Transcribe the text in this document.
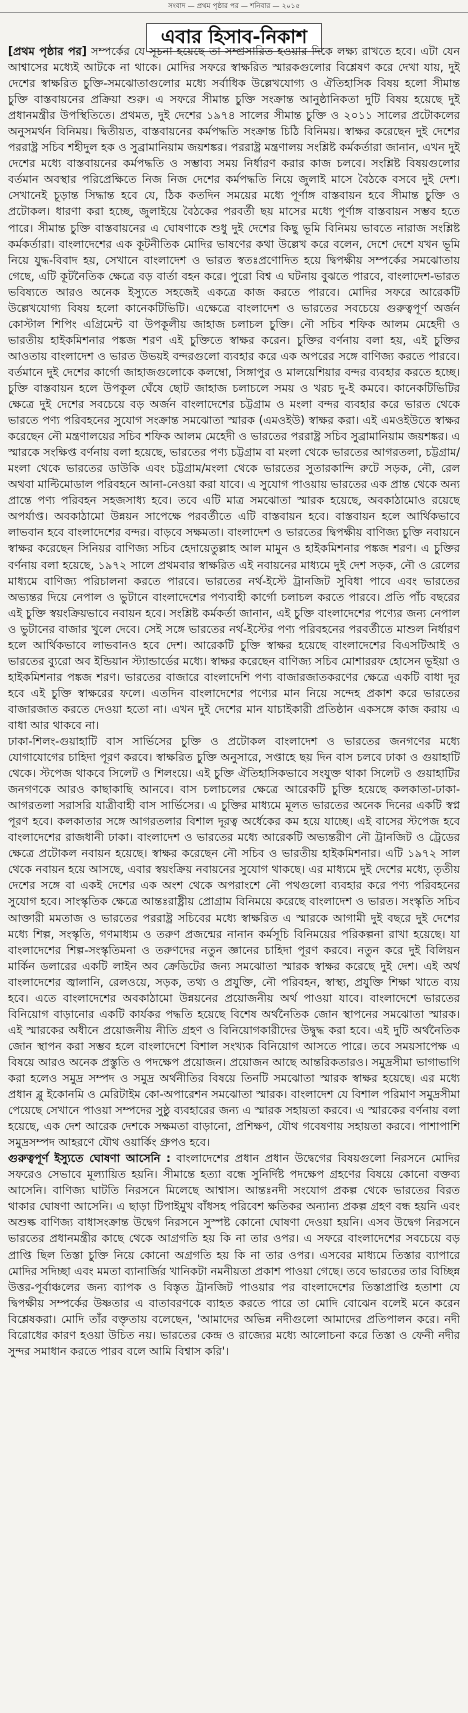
সংবাদ — প্রথম পৃষ্ঠার পর — শনিবার — ২০১৫
এবার হিসাব-নিকাশ

[প্রথম পৃষ্ঠার পর] সম্পর্কের যে সূচনা হয়েছে তা সম্প্রসারিত হওয়ার দিকে লক্ষ্য রাখতে হবে। এটা যেন আশ্বাসের মধ্যেই আটকে না থাকে। মোদির সফরে স্বাক্ষরিত স্মারকগুলোর বিশ্লেষণ করে দেখা যায়, দুই দেশের স্বাক্ষরিত চুক্তি-সমঝোতাগুলোর মধ্যে সর্বাধিক উল্লেখযোগ্য ও ঐতিহাসিক বিষয় হলো সীমান্ত চুক্তি বাস্তবায়নের প্রক্রিয়া শুরু। এ সফরে সীমান্ত চুক্তি সংক্রান্ত আনুষ্ঠানিকতা দুটি বিষয় হয়েছে দুই প্রধানমন্ত্রীর উপস্থিতিতে। প্রথমত, দুই দেশের ১৯৭৪ সালের সীমান্ত চুক্তি ও ২০১১ সালের প্রটোকলের অনুসমর্থন বিনিময়। দ্বিতীয়ত, বাস্তবায়নের কর্মপদ্ধতি সংক্রান্ত চিঠি বিনিময়। স্বাক্ষর করেছেন দুই দেশের পররাষ্ট্র সচিব শহীদুল হক ও সুব্রামানিয়াম জয়শঙ্কর। পররাষ্ট্র মন্ত্রণালয় সংশ্লিষ্ট কর্মকর্তারা জানান, এখন দুই দেশের মধ্যে বাস্তবায়নের কর্মপদ্ধতি ও সম্ভাব্য সময় নির্ধারণ করার কাজ চলবে। সংশ্লিষ্ট বিষয়গুলোর বর্তমান অবস্থার পরিপ্রেক্ষিতে নিজ নিজ দেশের কর্মপদ্ধতি নিয়ে জুলাই মাসে বৈঠকে বসবে দুই দেশ। সেখানেই চূড়ান্ত সিদ্ধান্ত হবে যে, ঠিক কতদিন সময়ের মধ্যে পূর্ণাঙ্গ বাস্তবায়ন হবে সীমান্ত চুক্তি ও প্রটোকল। ধারণা করা হচ্ছে, জুলাইয়ে বৈঠকের পরবর্তী ছয় মাসের মধ্যে পূর্ণাঙ্গ বাস্তবায়ন সম্ভব হতে পারে। সীমান্ত চুক্তি বাস্তবায়নের এ ঘোষণাকে শুধু দুই দেশের কিছু ভূমি বিনিময় ভাবতে নারাজ সংশ্লিষ্ট কর্মকর্তারা। বাংলাদেশের এক কূটনীতিক মোদির ভাষণের কথা উল্লেখ করে বলেন, দেশে দেশে যখন ভূমি নিয়ে যুদ্ধ-বিবাদ হয়, সেখানে বাংলাদেশ ও ভারত স্বতঃপ্রণোদিত হয়ে দ্বিপক্ষীয় সম্পর্কের সমঝোতায় গেছে, এটি কূটনৈতিক ক্ষেত্রে বড় বার্তা বহন করে। পুরো বিশ্ব এ ঘটনায় বুঝতে পারবে, বাংলাদেশ-ভারত ভবিষ্যতে আরও অনেক ইস্যুতে সহজেই একত্রে কাজ করতে পারবে। মোদির সফরে আরেকটি উল্লেখযোগ্য বিষয় হলো কানেকটিভিটি। এক্ষেত্রে বাংলাদেশ ও ভারতের সবচেয়ে গুরুত্বপূর্ণ অর্জন কোস্টাল শিপিং এগ্রিমেন্ট বা উপকূলীয় জাহাজ চলাচল চুক্তি। নৌ সচিব শফিক আলম মেহেদী ও ভারতীয় হাইকমিশনার পঙ্কজ শরণ এই চুক্তিতে স্বাক্ষর করেন। চুক্তির বর্ণনায় বলা হয়, এই চুক্তির আওতায় বাংলাদেশ ও ভারত উভয়ই বন্দরগুলো ব্যবহার করে এক অপরের সঙ্গে বাণিজ্য করতে পারবে। বর্তমানে দুই দেশের কার্গো জাহাজগুলোকে কলম্বো, সিঙ্গাপুর ও মালয়েশিয়ার বন্দর ব্যবহার করতে হচ্ছে। চুক্তি বাস্তবায়ন হলে উপকূল ঘেঁষে ছোট জাহাজ চলাচলে সময় ও খরচ দু-ই কমবে। কানেকটিভিটির ক্ষেত্রে দুই দেশের সবচেয়ে বড় অর্জন বাংলাদেশের চট্টগ্রাম ও মংলা বন্দর ব্যবহার করে ভারত থেকে ভারতে পণ্য পরিবহনের সুযোগ সংক্রান্ত সমঝোতা স্মারক (এমওইউ) স্বাক্ষর করা। এই এমওইউতে স্বাক্ষর করেছেন নৌ মন্ত্রণালয়ের সচিব শফিক আলম মেহেদী ও ভারতের পররাষ্ট্র সচিব সুব্রামানিয়াম জয়শঙ্কর। এ স্মারকে সংক্ষিপ্ত বর্ণনায় বলা হয়েছে, ভারতের পণ্য চট্টগ্রাম বা মংলা থেকে ভারতের আগরতলা, চট্টগ্রাম/মংলা থেকে ভারতের ডাউকি এবং চট্টগ্রাম/মংলা থেকে ভারতের সুতারকান্দি রুটে সড়ক, নৌ, রেল অথবা মাল্টিমোডাল পরিবহনে আনা-নেওয়া করা যাবে। এ সুযোগ পাওয়ায় ভারতের এক প্রান্ত থেকে অন্য প্রান্তে পণ্য পরিবহন সহজসাধ্য হবে। তবে এটি মাত্র সমঝোতা স্মারক হয়েছে, অবকাঠামোও রয়েছে অপর্যাপ্ত। অবকাঠামো উন্নয়ন সাপেক্ষে পরবর্তীতে এটি বাস্তবায়ন হবে। বাস্তবায়ন হলে আর্থিকভাবে লাভবান হবে বাংলাদেশের বন্দর। বাড়বে সক্ষমতা। বাংলাদেশ ও ভারতের দ্বিপক্ষীয় বাণিজ্য চুক্তি নবায়নে স্বাক্ষর করেছেন সিনিয়র বাণিজ্য সচিব হেদায়েতুল্লাহ আল মামুন ও হাইকমিশনার পঙ্কজ শরণ। এ চুক্তির বর্ণনায় বলা হয়েছে, ১৯৭২ সালে প্রথমবার স্বাক্ষরিত এই নবায়নের মাধ্যমে দুই দেশ সড়ক, নৌ ও রেলের মাধ্যমে বাণিজ্য পরিচালনা করতে পারবে। ভারতের নর্থ-ইস্টে ট্রানজিট সুবিধা পাবে এবং ভারতের অভ্যন্তর দিয়ে নেপাল ও ভুটানে বাংলাদেশের পণ্যবাহী কার্গো চলাচল করতে পারবে। প্রতি পাঁচ বছরের এই চুক্তি স্বয়ংক্রিয়ভাবে নবায়ন হবে। সংশ্লিষ্ট কর্মকর্তা জানান, এই চুক্তি বাংলাদেশের পণ্যের জন্য নেপাল ও ভুটানের বাজার খুলে দেবে। সেই সঙ্গে ভারতের নর্থ-ইস্টের পণ্য পরিবহনের পরবর্তীতে মাশুল নির্ধারণ হলে আর্থিকভাবে লাভবানও হবে দেশ। আরেকটি চুক্তি স্বাক্ষর হয়েছে বাংলাদেশের বিএসটিআই ও ভারতের ব্যুরো অব ইন্ডিয়ান স্ট্যান্ডার্ডের মধ্যে। স্বাক্ষর করেছেন বাণিজ্য সচিব মোশাররফ হোসেন ভূইয়া ও হাইকমিশনার পঙ্কজ শরণ। ভারতের বাজারে বাংলাদেশি পণ্য বাজারজাতকরণের ক্ষেত্রে একটি বাধা দূর হবে এই চুক্তি স্বাক্ষরের ফলে। এতদিন বাংলাদেশের পণ্যের মান নিয়ে সন্দেহ প্রকাশ করে ভারতের বাজারজাত করতে দেওয়া হতো না। এখন দুই দেশের মান যাচাইকারী প্রতিষ্ঠান একসঙ্গে কাজ করায় এ বাধা আর থাকবে না।

ঢাকা-শিলং-গুয়াহাটি বাস সার্ভিসের চুক্তি ও প্রটোকল বাংলাদেশ ও ভারতের জনগণের মধ্যে যোগাযোগের চাহিদা পূরণ করবে। স্বাক্ষরিত চুক্তি অনুসারে, সপ্তাহে ছয় দিন বাস চলবে ঢাকা ও গুয়াহাটি থেকে। স্টপেজ থাকবে সিলেট ও শিলংয়ে। এই চুক্তি ঐতিহাসিকভাবে সংযুক্ত থাকা সিলেট ও গুয়াহাটির জনগণকে আরও কাছাকাছি আনবে। বাস চলাচলের ক্ষেত্রে আরেকটি চুক্তি হয়েছে কলকাতা-ঢাকা-আগরতলা সরাসরি যাত্রীবাহী বাস সার্ভিসের। এ চুক্তির মাধ্যমে মূলত ভারতের অনেক দিনের একটি স্বপ্ন পূরণ হবে। কলকাতার সঙ্গে আগরতলার বিশাল দূরত্ব অর্ধেকের কম হয়ে যাচ্ছে। এই বাসের স্টপেজ হবে বাংলাদেশের রাজধানী ঢাকা। বাংলাদেশ ও ভারতের মধ্যে আরেকটি অভ্যন্তরীণ নৌ ট্রানজিট ও ট্রেডের ক্ষেত্রে প্রটোকল নবায়ন হয়েছে। স্বাক্ষর করেছেন নৌ সচিব ও ভারতীয় হাইকমিশনার। এটি ১৯৭২ সাল থেকে নবায়ন হয়ে আসছে, এবার স্বয়ংক্রিয় নবায়নের সুযোগ থাকছে। এর মাধ্যমে দুই দেশের মধ্যে, তৃতীয় দেশের সঙ্গে বা একই দেশের এক অংশ থেকে অপরাংশে নৌ পথগুলো ব্যবহার করে পণ্য পরিবহনের সুযোগ হবে। সাংস্কৃতিক ক্ষেত্রে আন্তঃরাষ্ট্রীয় প্রোগ্রাম বিনিময়ে করেছে বাংলাদেশ ও ভারত। সংস্কৃতি সচিব আক্তারী মমতাজ ও ভারতের পররাষ্ট্র সচিবের মধ্যে স্বাক্ষরিত এ স্মারকে আগামী দুই বছরে দুই দেশের মধ্যে শিল্প, সংস্কৃতি, গণমাধ্যম ও তরুণ প্রজন্মের নানান কর্মসূচি বিনিময়ের পরিকল্পনা রাখা হয়েছে। যা বাংলাদেশের শিল্প-সংস্কৃতিমনা ও তরুণদের নতুন জ্ঞানের চাহিদা পূরণ করবে। নতুন করে দুই বিলিয়ন মার্কিন ডলারের একটি লাইন অব ক্রেডিটের জন্য সমঝোতা স্মারক স্বাক্ষর করেছে দুই দেশ। এই অর্থ বাংলাদেশের জ্বালানি, রেলওয়ে, সড়ক, তথ্য ও প্রযুক্তি, নৌ পরিবহন, স্বাস্থ্য, প্রযুক্তি শিক্ষা খাতে ব্যয় হবে। এতে বাংলাদেশের অবকাঠামো উন্নয়নের প্রয়োজনীয় অর্থ পাওয়া যাবে। বাংলাদেশে ভারতের বিনিয়োগ বাড়ানোর একটি কার্যকর পদ্ধতি হয়েছে বিশেষ অর্থনৈতিক জোন স্থাপনের সমঝোতা স্মারক। এই স্মারকের অধীনে প্রয়োজনীয় নীতি গ্রহণ ও বিনিয়োগকারীদের উদ্বুদ্ধ করা হবে। এই দুটি অর্থনৈতিক জোন স্থাপন করা সম্ভব হলে বাংলাদেশে বিশাল সংখ্যক বিনিয়োগ আসতে পারে। তবে সময়সাপেক্ষ এ বিষয়ে আরও অনেক প্রস্তুতি ও পদক্ষেপ প্রয়োজন। প্রয়োজন আছে আন্তরিকতারও। সমুদ্রসীমা ভাগাভাগি করা হলেও সমুদ্র সম্পদ ও সমুদ্র অর্থনীতির বিষয়ে তিনটি সমঝোতা স্মারক স্বাক্ষর হয়েছে। এর মধ্যে প্রধান ব্লু ইকোনমি ও মেরিটাইম কো-অপারেশন সমঝোতা স্মারক। বাংলাদেশ যে বিশাল পরিমাণ সমুদ্রসীমা পেয়েছে সেখানে পাওয়া সম্পদের সুষ্ঠু ব্যবহারের জন্য এ স্মারক সহায়তা করবে। এ স্মারকের বর্ণনায় বলা হয়েছে, এক দেশ আরেক দেশকে সক্ষমতা বাড়ানো, প্রশিক্ষণ, যৌথ গবেষণায় সহায়তা করবে। পাশাপাশি সমুদ্রসম্পদ আহরণে যৌথ ওয়ার্কিং গ্রুপও হবে।

গুরুত্বপূর্ণ ইস্যুতে ঘোষণা আসেনি : বাংলাদেশের প্রধান প্রধান উদ্বেগের বিষয়গুলো নিরসনে মোদির সফরেও সেভাবে মূল্যায়িত হয়নি। সীমান্তে হত্যা বন্ধে সুনির্দিষ্ট পদক্ষেপ গ্রহণের বিষয়ে কোনো বক্তব্য আসেনি। বাণিজ্য ঘাটতি নিরসনে মিলেছে আশ্বাস। আন্তঃনদী সংযোগ প্রকল্প থেকে ভারতের বিরত থাকার ঘোষণা আসেনি। এ ছাড়া টিপাইমুখ বাঁধসহ পরিবেশ ক্ষতিকর অন্যান্য প্রকল্প গ্রহণ বন্ধ হয়নি এবং অশুল্ক বাণিজ্য বাধাসংক্রান্ত উদ্বেগ নিরসনে সুস্পষ্ট কোনো ঘোষণা দেওয়া হয়নি। এসব উদ্বেগ নিরসনে ভারতের প্রধানমন্ত্রীর কাছে থেকে আগ্রগতি হয় কি না তার ওপর। এ সফরে বাংলাদেশের সবচেয়ে বড় প্রাপ্তি ছিল তিস্তা চুক্তি নিয়ে কোনো অগ্রগতি হয় কি না তার ওপর। এসবের মাধ্যমে তিস্তার ব্যাপারে মোদির সদিচ্ছা এবং মমতা ব্যানার্জির খানিকটা নমনীয়তা প্রকাশ পাওয়া গেছে। তবে ভারতের তার বিচ্ছিন্ন উত্তর-পূর্বাঞ্চলের জন্য ব্যাপক ও বিস্তৃত ট্রানজিট পাওয়ার পর বাংলাদেশের তিস্তাপ্রাপ্তি হতাশা যে দ্বিপক্ষীয় সম্পর্কের উষ্ণতার এ বাতাবরণকে ব্যাহত করতে পারে তা মোদি বোঝেন বলেই মনে করেন বিশ্লেষকরা। মোদি তাঁর বক্তৃতায় বলেছেন, 'আমাদের অভিন্ন নদীগুলো আমাদের প্রতিপালন করে। নদী বিরোধের কারণ হওয়া উচিত নয়। ভারতের কেন্দ্র ও রাজ্যের মধ্যে আলোচনা করে তিস্তা ও ফেনী নদীর সুন্দর সমাধান করতে পারব বলে আমি বিশ্বাস করি'।
